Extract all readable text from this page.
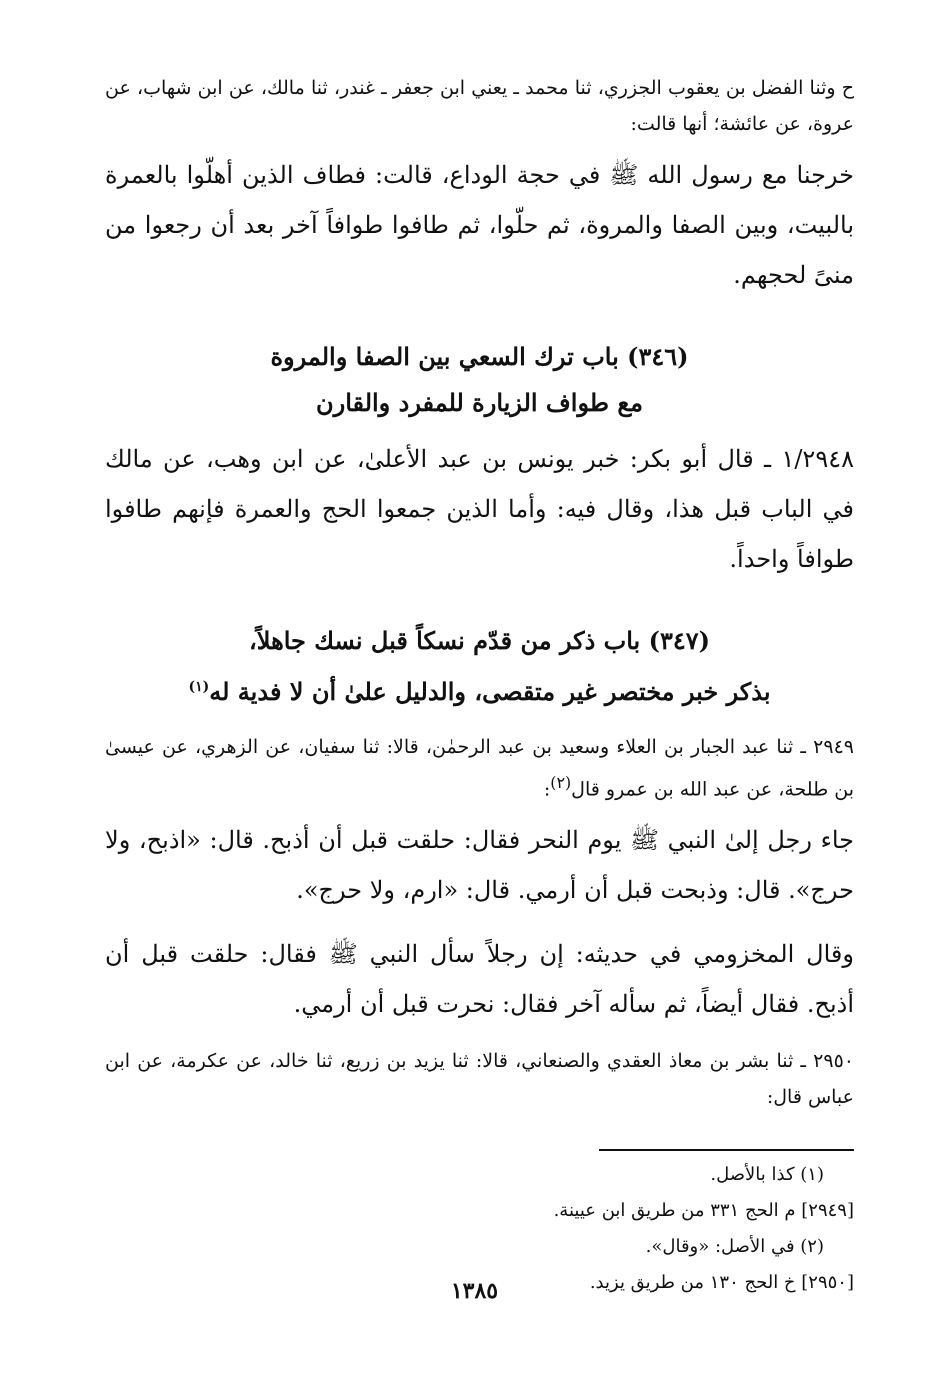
ح وثنا الفضل بن يعقوب الجزري، ثنا محمد ـ يعني ابن جعفر ـ غندر، ثنا مالك، عن ابن شهاب، عن عروة، عن عائشة؛ أنها قالت:

خرجنا مع رسول الله ﷺ في حجة الوداع، قالت: فطاف الذين أهلّوا بالعمرة بالبيت، وبين الصفا والمروة، ثم حلّوا، ثم طافوا طوافاً آخر بعد أن رجعوا من منىً لحجهم.

(٣٤٦) باب ترك السعي بين الصفا والمروة
مع طواف الزيارة للمفرد والقارن

١/٢٩٤٨ ـ قال أبو بكر: خبر يونس بن عبد الأعلىٰ، عن ابن وهب، عن مالك في الباب قبل هذا، وقال فيه: وأما الذين جمعوا الحج والعمرة فإنهم طافوا طوافاً واحداً.

(٣٤٧) باب ذكر من قدّم نسكاً قبل نسك جاهلاً،
بذكر خبر مختصر غير متقصى، والدليل علىٰ أن لا فدية له$^{(١)}$

٢٩٤٩ ـ ثنا عبد الجبار بن العلاء وسعيد بن عبد الرحمٰن، قالا: ثنا سفيان، عن الزهري، عن عيسىٰ بن طلحة، عن عبد الله بن عمرو قال$^{(٢)}$:

جاء رجل إلىٰ النبي ﷺ يوم النحر فقال: حلقت قبل أن أذبح. قال: «اذبح، ولا حرج». قال: وذبحت قبل أن أرمي. قال: «ارم، ولا حرج».

وقال المخزومي في حديثه: إن رجلاً سأل النبي ﷺ فقال: حلقت قبل أن أذبح. فقال أيضاً، ثم سأله آخر فقال: نحرت قبل أن أرمي.

٢٩٥٠ ـ ثنا بشر بن معاذ العقدي والصنعاني، قالا: ثنا يزيد بن زريع، ثنا خالد، عن عكرمة، عن ابن عباس قال:

(١) كذا بالأصل.
[٢٩٤٩] م الحج ٣٣١ من طريق ابن عيينة.
(٢) في الأصل: «وقال».
[٢٩٥٠] خ الحج ١٣٠ من طريق يزيد.
١٣٨٥
